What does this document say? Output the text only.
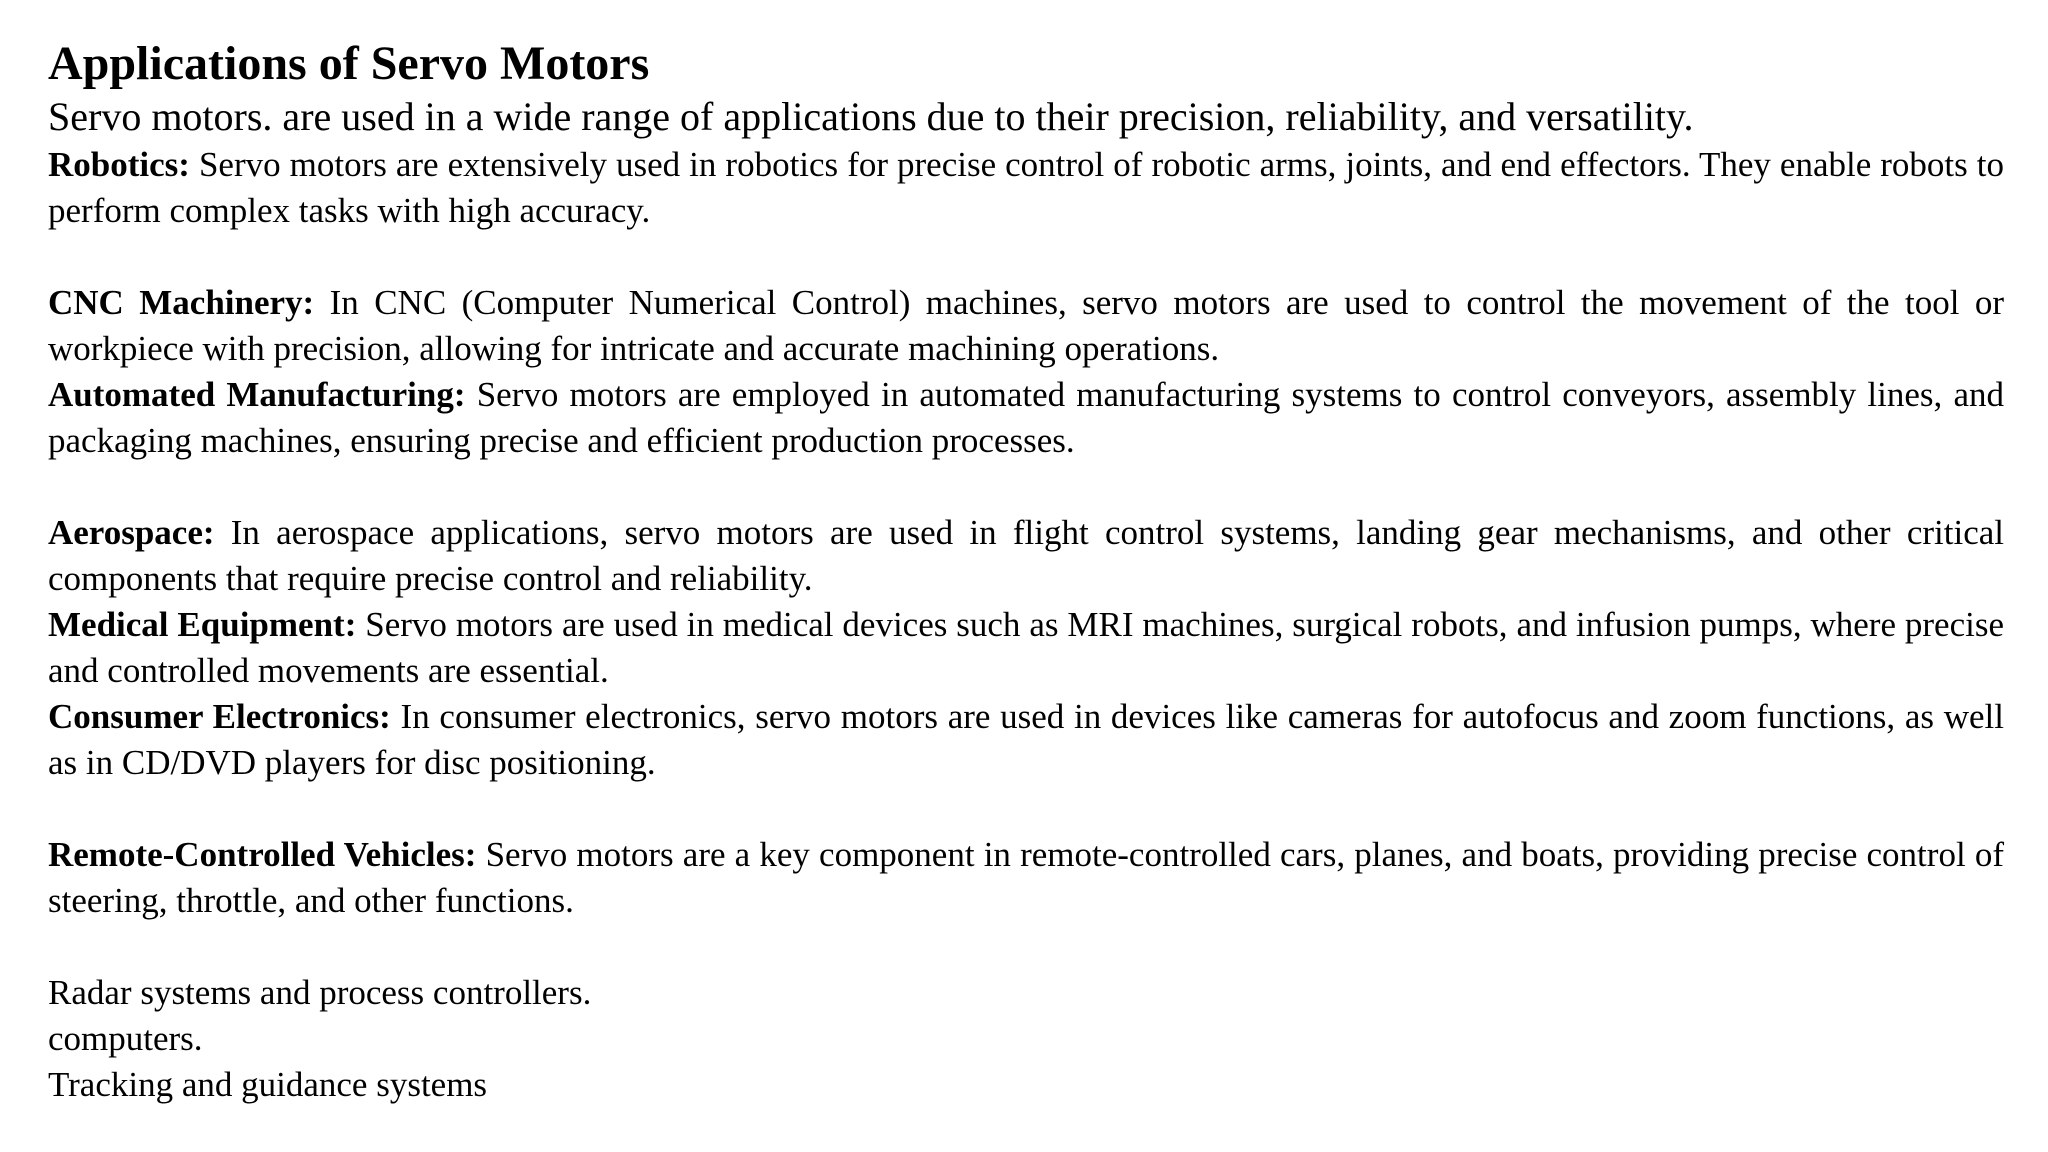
Applications of Servo Motors

Servo motors. are used in a wide range of applications due to their precision, reliability, and versatility.

Robotics: Servo motors are extensively used in robotics for precise control of robotic arms, joints, and end effectors. They enable robots to perform complex tasks with high accuracy.

CNC Machinery: In CNC (Computer Numerical Control) machines, servo motors are used to control the movement of the tool or workpiece with precision, allowing for intricate and accurate machining operations.

Automated Manufacturing: Servo motors are employed in automated manufacturing systems to control conveyors, assembly lines, and packaging machines, ensuring precise and efficient production processes.

Aerospace: In aerospace applications, servo motors are used in flight control systems, landing gear mechanisms, and other critical components that require precise control and reliability.

Medical Equipment: Servo motors are used in medical devices such as MRI machines, surgical robots, and infusion pumps, where precise and controlled movements are essential.

Consumer Electronics: In consumer electronics, servo motors are used in devices like cameras for autofocus and zoom functions, as well as in CD/DVD players for disc positioning.

Remote-Controlled Vehicles: Servo motors are a key component in remote-controlled cars, planes, and boats, providing precise control of steering, throttle, and other functions.

Radar systems and process controllers.

computers.

Tracking and guidance systems
